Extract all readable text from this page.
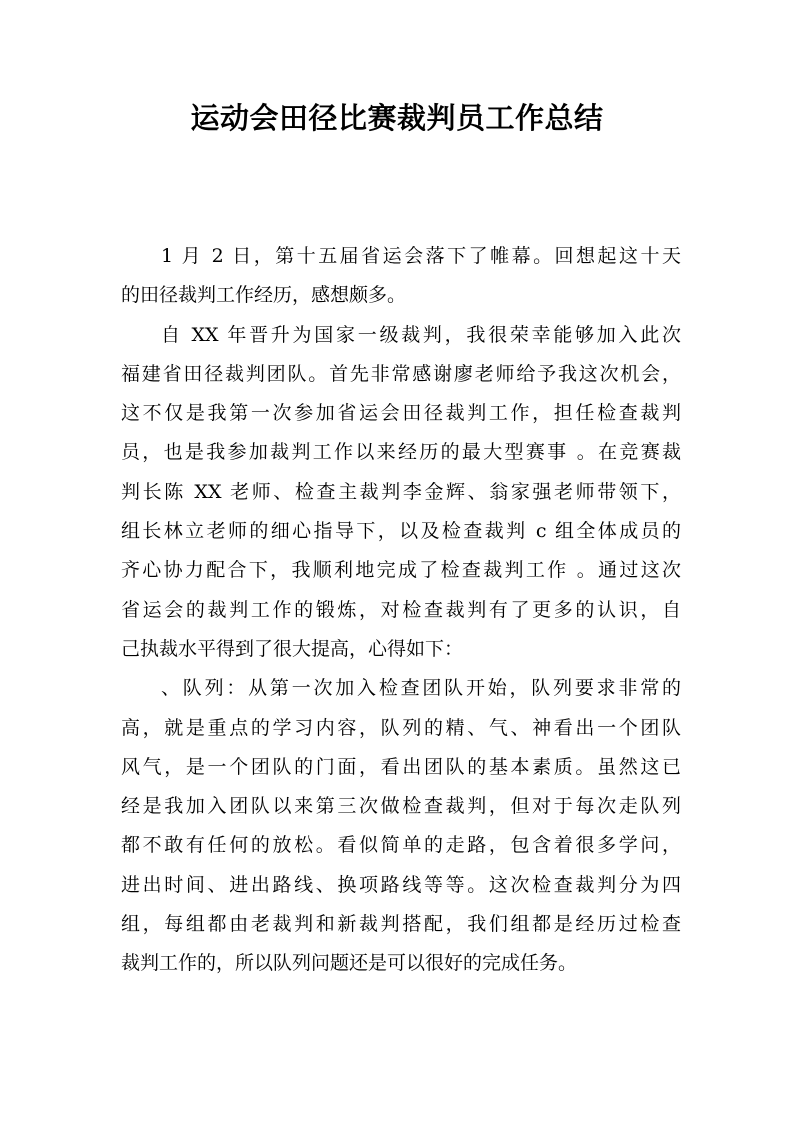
运动会田径比赛裁判员工作总结
1 月 2 日，第十五届省运会落下了帷幕。回想起这十天
的田径裁判工作经历，感想颇多。
自 XX 年晋升为国家一级裁判，我很荣幸能够加入此次
福建省田径裁判团队。首先非常感谢廖老师给予我这次机会，
这不仅是我第一次参加省运会田径裁判工作，担任检查裁判
员，也是我参加裁判工作以来经历的最大型赛事 。在竞赛裁
判长陈 XX 老师、检查主裁判李金辉、翁家强老师带领下，
组长林立老师的细心指导下，以及检查裁判 c 组全体成员的
齐心协力配合下，我顺利地完成了检查裁判工作 。通过这次
省运会的裁判工作的锻炼，对检查裁判有了更多的认识，自
己执裁水平得到了很大提高，心得如下：
、队列：从第一次加入检查团队开始，队列要求非常的
高，就是重点的学习内容，队列的精、气、神看出一个团队
风气，是一个团队的门面，看出团队的基本素质。虽然这已
经是我加入团队以来第三次做检查裁判，但对于每次走队列
都不敢有任何的放松。看似简单的走路，包含着很多学问，
进出时间、进出路线、换项路线等等。这次检查裁判分为四
组，每组都由老裁判和新裁判搭配，我们组都是经历过检查
裁判工作的，所以队列问题还是可以很好的完成任务。
